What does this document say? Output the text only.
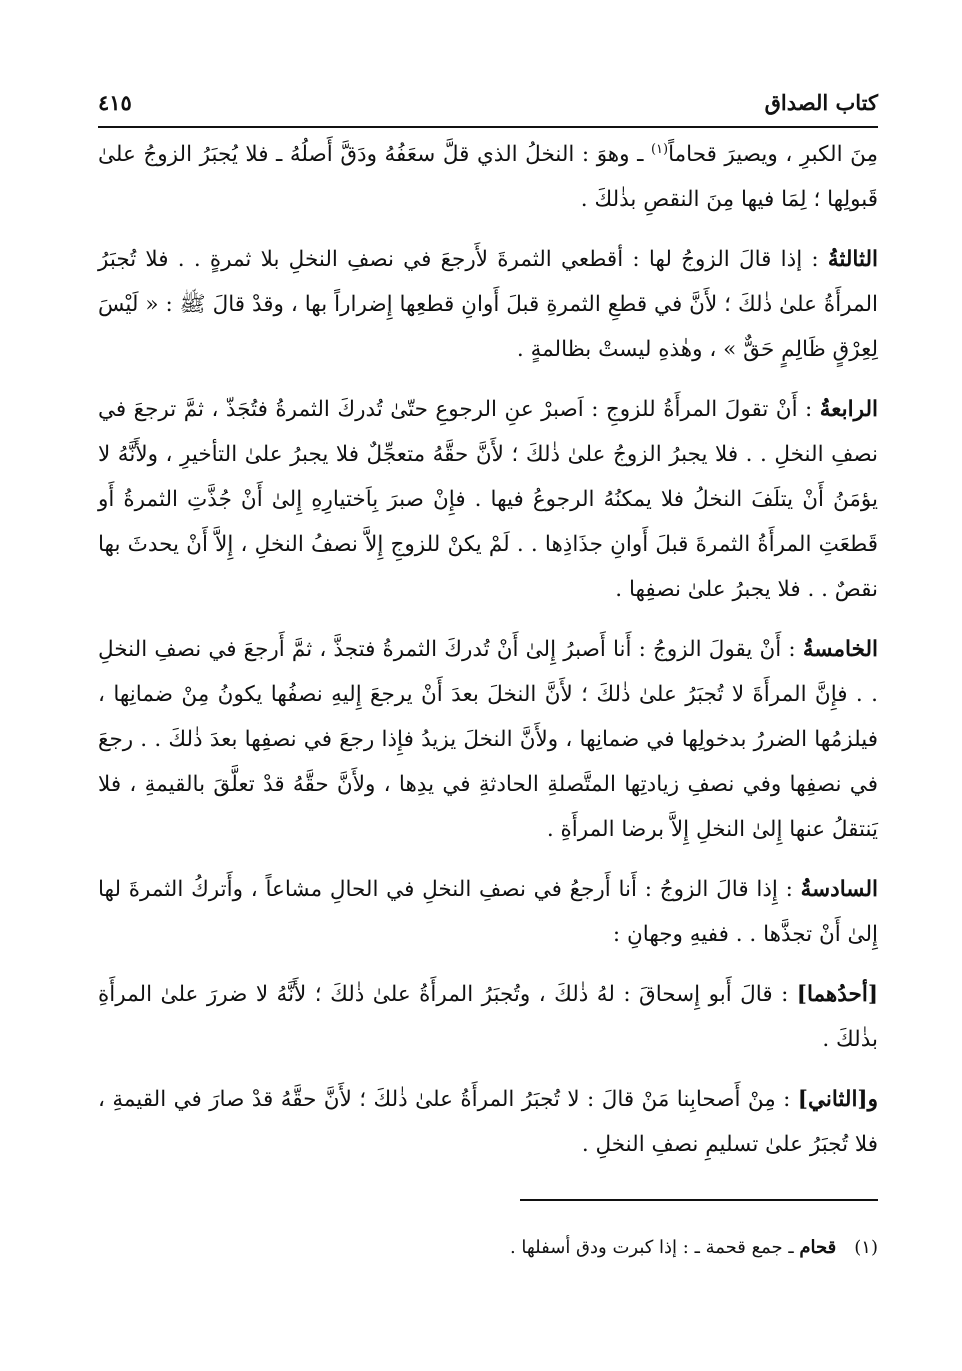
كتاب الصداق
٤١٥

مِنَ الكبرِ ، ويصيرَ قحاماً$^{(١)}$ ـ وهوَ : النخلُ الذي قلَّ سعَفُهُ ودَقَّ أَصلُهُ ـ فلا يُجبَرُ الزوجُ علىٰ قَبولِها ؛ لِمَا فيها مِنَ النقصِ بذٰلكَ .

الثالثةُ : إذا قالَ الزوجُ لها : أقطعي الثمرةَ لأَرجعَ في نصفِ النخلِ بلا ثمرةٍ . . فلا تُجبَرُ المرأَةُ علىٰ ذٰلكَ ؛ لأَنَّ في قطعِ الثمرةِ قبلَ أَوانِ قطعِها إِضراراً بها ، وقدْ قالَ ﷺ : « لَيْسَ لِعِرْقٍ ظَالِمٍ حَقٌّ » ، وهٰذهِ ليستْ بظالمةٍ .

الرابعةُ : أَنْ تقولَ المرأَةُ للزوجِ : اَصبرْ عنِ الرجوعِ حتّىٰ تُدركَ الثمرةُ فتُجَذّ ، ثمَّ ترجعَ في نصفِ النخلِ . . فلا يجبرُ الزوجُ علىٰ ذٰلكَ ؛ لأَنَّ حقَّهُ متعجِّلٌ فلا يجبرُ علىٰ التأخيرِ ، ولأَنَّهُ لا يؤمَنُ أَنْ يتلَفَ النخلُ فلا يمكنُهُ الرجوعُ فيها . فإِنْ صبرَ بِاَختيارِهِ إِلىٰ أَنْ جُذَّتِ الثمرةُ أَو قَطعَتِ المرأَةُ الثمرةَ قبلَ أَوانِ جذَاذِها . . لَمْ يكنْ للزوجِ إِلاَّ نصفُ النخلِ ، إِلاَّ أَنْ يحدثَ بها نقصٌ . . فلا يجبرُ علىٰ نصفِها .

الخامسةُ : أَنْ يقولَ الزوجُ : أَنا أَصبرُ إِلىٰ أَنْ تُدركَ الثمرةُ فتجذَّ ، ثمَّ أَرجعَ في نصفِ النخلِ . . فإِنَّ المرأَةَ لا تُجبَرُ علىٰ ذٰلكَ ؛ لأَنَّ النخلَ بعدَ أَنْ يرجعَ إِليهِ نصفُها يكونُ مِنْ ضمانِها ، فيلزمُها الضررُ بدخولِها في ضمانِها ، ولأَنَّ النخلَ يزيدُ فإِذا رجعَ في نصفِها بعدَ ذٰلكَ . . رجعَ في نصفِها وفي نصفِ زيادتِها المتَّصلةِ الحادثةِ في يدِها ، ولأَنَّ حقَّهُ قدْ تعلَّقَ بالقيمةِ ، فلا يَنتقلُ عنها إِلىٰ النخلِ إِلاَّ برضا المرأَةِ .

السادسةُ : إِذا قالَ الزوجُ : أَنا أَرجعُ في نصفِ النخلِ في الحالِ مشاعاً ، وأَتركُ الثمرةَ لها إِلىٰ أَنْ تجذَّها . . ففيهِ وجهانِ :

[أحدُهما] : قالَ أَبو إِسحاقَ : لهُ ذٰلكَ ، وتُجبَرُ المرأَةُ علىٰ ذٰلكَ ؛ لأَنَّهُ لا ضررَ علىٰ المرأَةِ بذٰلكَ .

و[الثاني] : مِنْ أَصحابِنا مَنْ قالَ : لا تُجبَرُ المرأَةُ علىٰ ذٰلكَ ؛ لأَنَّ حقَّهُ قدْ صارَ في القيمةِ ، فلا تُجبَرُ علىٰ تسليمِ نصفِ النخلِ .

(١)قحام ـ جمع قحمة ـ : إذا كبرت ودق أسفلها .
